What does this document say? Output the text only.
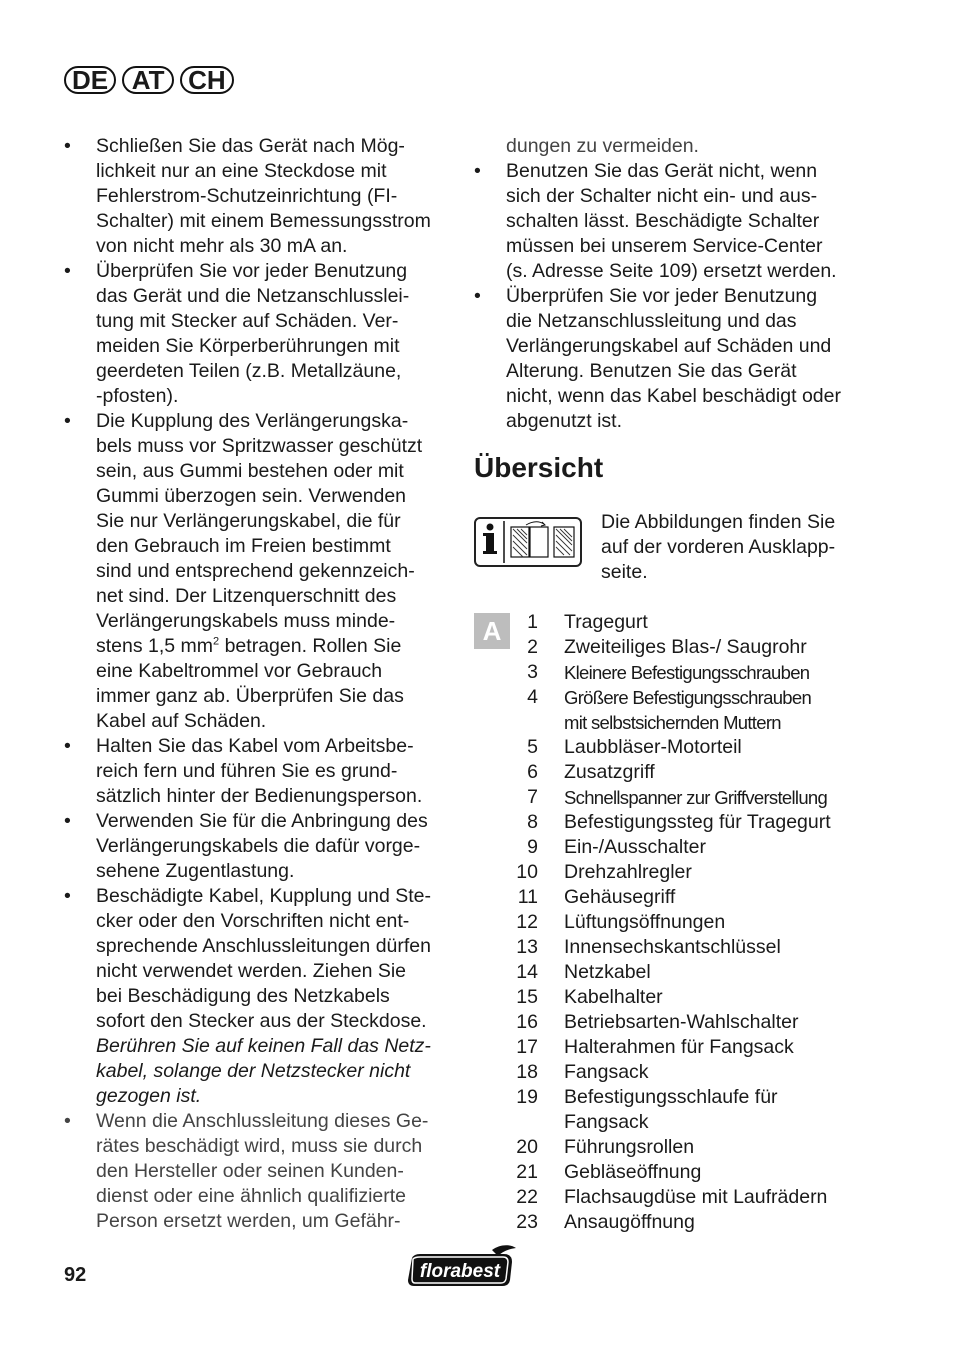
DE AT CH
•	Schließen Sie das Gerät nach Mög-
lichkeit nur an eine Steckdose mit
Fehlerstrom-Schutzeinrichtung (FI-
Schalter) mit einem Bemessungsstrom
von nicht mehr als 30 mA an.
•	Überprüfen Sie vor jeder Benutzung
das Gerät und die Netzanschlusslei-
tung mit Stecker auf Schäden. Ver-
meiden Sie Körperberührungen mit
geerdeten Teilen (z.B. Metallzäune,
-pfosten).
•	Die Kupplung des Verlängerungska-
bels muss vor Spritzwasser geschützt
sein, aus Gummi bestehen oder mit
Gummi überzogen sein. Verwenden
Sie nur Verlängerungskabel, die für
den Gebrauch im Freien bestimmt
sind und entsprechend gekennzeich-
net sind. Der Litzenquerschnitt des
Verlängerungskabels muss minde-
stens 1,5 $mm^2$ betragen. Rollen Sie
eine Kabeltrommel vor Gebrauch
immer ganz ab. Überprüfen Sie das
Kabel auf Schäden.
•	Halten Sie das Kabel vom Arbeitsbe-
reich fern und führen Sie es grund-
sätzlich hinter der Bedienungsperson.
•	Verwenden Sie für die Anbringung des
Verlängerungskabels die dafür vorge-
sehene Zugentlastung.
•	Beschädigte Kabel, Kupplung und Ste-
cker oder den Vorschriften nicht ent-
sprechende Anschlussleitungen dürfen
nicht verwendet werden. Ziehen Sie
bei Beschädigung des Netzkabels
sofort den Stecker aus der Steckdose.
Berühren Sie auf keinen Fall das Netz-
kabel, solange der Netzstecker nicht
gezogen ist.
•	Wenn die Anschlussleitung dieses Ge-
rätes beschädigt wird, muss sie durch
den Hersteller oder seinen Kunden-
dienst oder eine ähnlich qualifizierte
Person ersetzt werden, um Gefähr-
dungen zu vermeiden.
•	Benutzen Sie das Gerät nicht, wenn
sich der Schalter nicht ein- und aus-
schalten lässt. Beschädigte Schalter
müssen bei unserem Service-Center
(s. Adresse Seite 109) ersetzt werden.
•	Überprüfen Sie vor jeder Benutzung
die Netzanschlussleitung und das
Verlängerungskabel auf Schäden und
Alterung. Benutzen Sie das Gerät
nicht, wenn das Kabel beschädigt oder
abgenutzt ist.
Übersicht
Die Abbildungen finden Sie
auf der vorderen Ausklapp-
seite.
A	1 Tragegurt
2 Zweiteiliges Blas-/ Saugrohr
3 Kleinere Befestigungsschrauben
4 Größere Befestigungsschrauben
mit selbstsichernden Muttern
5 Laubbläser-Motorteil
6 Zusatzgriff
7 Schnellspanner zur Griffverstellung
8 Befestigungssteg für Tragegurt
9 Ein-/Ausschalter
10 Drehzahlregler
11 Gehäusegriff
12 Lüftungsöffnungen
13 Innensechskantschlüssel
14 Netzkabel
15 Kabelhalter
16 Betriebsarten-Wahlschalter
17 Halterahmen für Fangsack
18 Fangsack
19 Befestigungsschlaufe für
Fangsack
20 Führungsrollen
21 Gebläseöffnung
22 Flachsaugdüse mit Laufrädern
23 Ansaugöffnung
92	florabest
